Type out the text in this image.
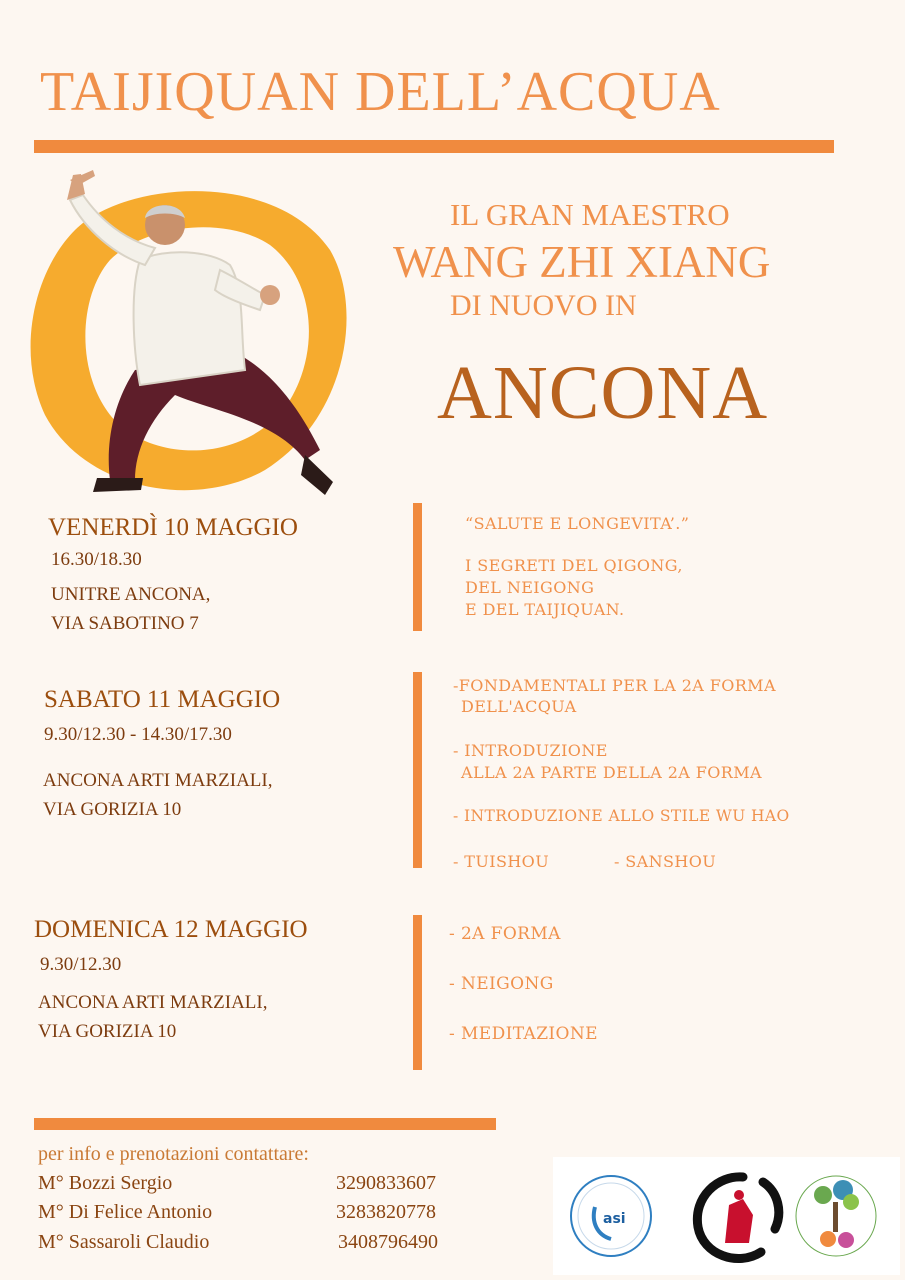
TAIJIQUAN DELL’ACQUA
IL GRAN MAESTRO
WANG ZHI XIANG
DI NUOVO IN
ANCONA
VENERDÌ 10 MAGGIO
16.30/18.30
UNITRE ANCONA,
VIA SABOTINO 7
“SALUTE E LONGEVITA’.”
I SEGRETI DEL QIGONG,
DEL NEIGONG
E DEL TAIJIQUAN.
SABATO 11 MAGGIO
9.30/12.30 - 14.30/17.30
ANCONA ARTI MARZIALI,
VIA GORIZIA 10
-FONDAMENTALI PER LA 2A FORMA
DELL'ACQUA
- INTRODUZIONE
ALLA 2A PARTE DELLA 2A FORMA
- INTRODUZIONE ALLO STILE WU HAO
- TUISHOU	- SANSHOU
DOMENICA 12 MAGGIO
9.30/12.30
ANCONA ARTI MARZIALI,
VIA GORIZIA 10
- 2A FORMA
- NEIGONG
- MEDITAZIONE
per info e prenotazioni contattare:
M° Bozzi Sergio	3290833607
M° Di Felice Antonio	3283820778
M° Sassaroli Claudio	3408796490
asi
